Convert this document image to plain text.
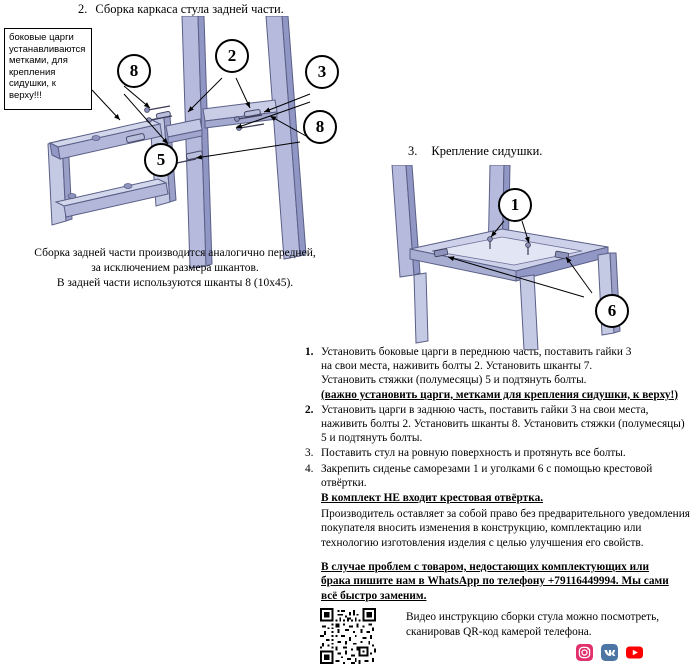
2. Сборка каркаса стула задней части.
3. Крепление сидушки.
боковые царги устанавливаются метками, для крепления сидушки, к верху!!!
8
2
3
8
5
Сборка задней части производится аналогично передней,
за исключением размера шкантов.
В задней части используются шканты 8 (10х45).
1
6
1. Установить боковые царги в переднюю часть, поставить гайки 3
на свои места, наживить болты 2. Установить шканты 7.
Установить стяжки (полумесяцы) 5 и подтянуть болты.
(важно установить царги, метками для крепления сидушки, к верху!)
2. Установить царги в заднюю часть, поставить гайки 3 на свои места,
наживить болты 2. Установить шканты 8. Установить стяжки (полумесяцы)
5 и подтянуть болты.
3. Поставить стул на ровную поверхность и протянуть все болты.
4. Закрепить сиденье саморезами 1 и уголками 6 с помощью крестовой
отвёртки.
В комплект НЕ входит крестовая отвёртка.
Производитель оставляет за собой право без предварительного уведомления
покупателя вносить изменения в конструкцию, комплектацию или
технологию изготовления изделия с целью улучшения его свойств.
В случае проблем с товаром, недостающих комплектующих или
брака пишите нам в WhatsApp по телефону +79116449994. Мы сами
всё быстро заменим.
Видео инструкцию сборки стула можно посмотреть,
сканировав QR-код камерой телефона.
